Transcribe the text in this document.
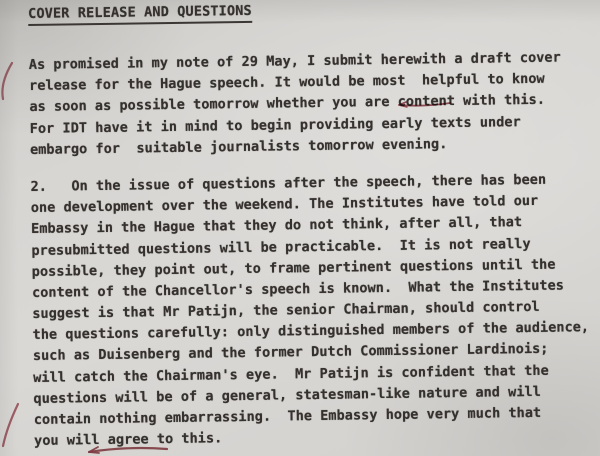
COVER RELEASE AND QUESTIONS
As promised in my note of 29 May, I submit herewith a draft cover
release for the Hague speech. It would be most  helpful to know
as soon as possible tomorrow whether you are content with this.
For IDT have it in mind to begin providing early texts under
embargo for  suitable journalists tomorrow evening.
2.   On the issue of questions after the speech, there has been
one development over the weekend. The Institutes have told our
Embassy in the Hague that they do not think, after all, that
presubmitted questions will be practicable.  It is not really
possible, they point out, to frame pertinent questions until the
content of the Chancellor's speech is known.  What the Institutes
suggest is that Mr Patijn, the senior Chairman, should control
the questions carefully: only distinguished members of the audience,
such as Duisenberg and the former Dutch Commissioner Lardinois;
will catch the Chairman's eye.  Mr Patijn is confident that the
questions will be of a general, statesman-like nature and will
contain nothing embarrassing.  The Embassy hope very much that
you will agree to this.
